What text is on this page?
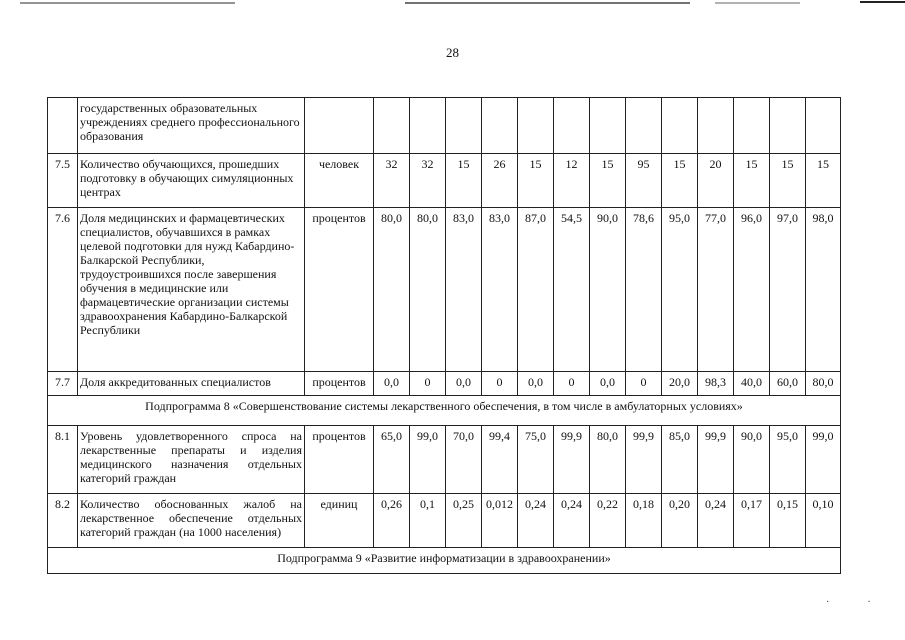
28
	государственных образовательных учреждениях среднего профессионального образования														
7.5	Количество обучающихся, прошедших подготовку в обучающих симуляционных центрах	человек	32	32	15	26	15	12	15	95	15	20	15	15	15
7.6	Доля медицинских и фармацевтических специалистов, обучавшихся в рамках целевой подготовки для нужд Кабардино-Балкарской Республики, трудоустроившихся после завершения обучения в медицинские или фармацевтические организации системы здравоохранения Кабардино-Балкарской Республики	процентов	80,0	80,0	83,0	83,0	87,0	54,5	90,0	78,6	95,0	77,0	96,0	97,0	98,0
7.7	Доля аккредитованных специалистов	процентов	0,0	0	0,0	0	0,0	0	0,0	0	20,0	98,3	40,0	60,0	80,0
Подпрограмма 8 «Совершенствование системы лекарственного обеспечения, в том числе в амбулаторных условиях»															
8.1	Уровень удовлетворенного спроса на лекарственные препараты и изделия медицинского назначения отдельных категорий граждан	процентов	65,0	99,0	70,0	99,4	75,0	99,9	80,0	99,9	85,0	99,9	90,0	95,0	99,0
8.2	Количество обоснованных жалоб на лекарственное обеспечение отдельных категорий граждан (на 1000 населения)	единиц	0,26	0,1	0,25	0,012	0,24	0,24	0,22	0,18	0,20	0,24	0,17	0,15	0,10
Подпрограмма 9 «Развитие информатизации в здравоохранении»															
·	·
